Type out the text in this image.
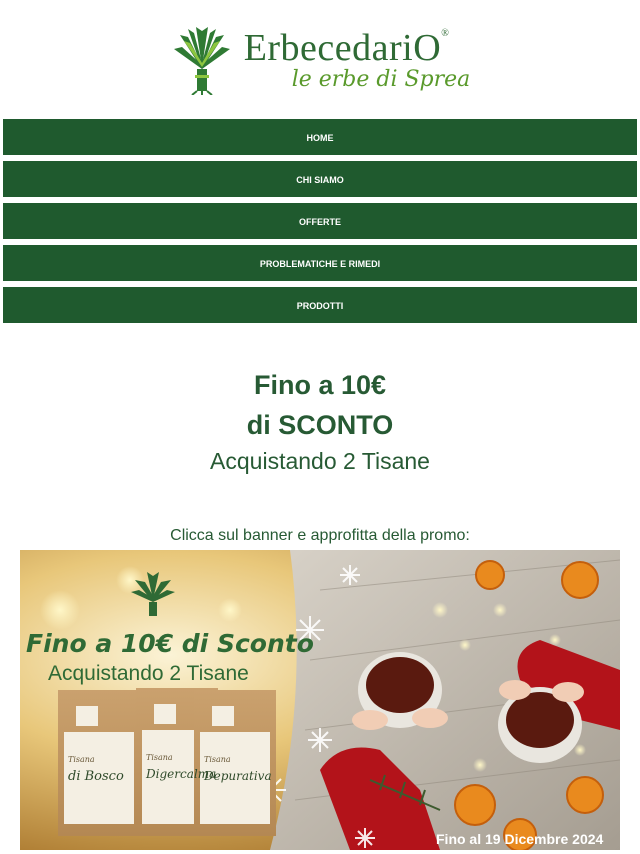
ErbecedariO®
le erbe di Sprea
HOME
CHI SIAMO
OFFERTE
PROBLEMATICHE E RIMEDI
PRODOTTI

Fino a 10€

di SCONTO

Acquistando 2 Tisane

Clicca sul banner e approfitta della promo:
Tisana
di Bosco
Tisana
Digercalma
Tisana
Depurativa
Fino a 10€ di Sconto
Acquistando 2 Tisane
Fino al 19 Dicembre 2024
